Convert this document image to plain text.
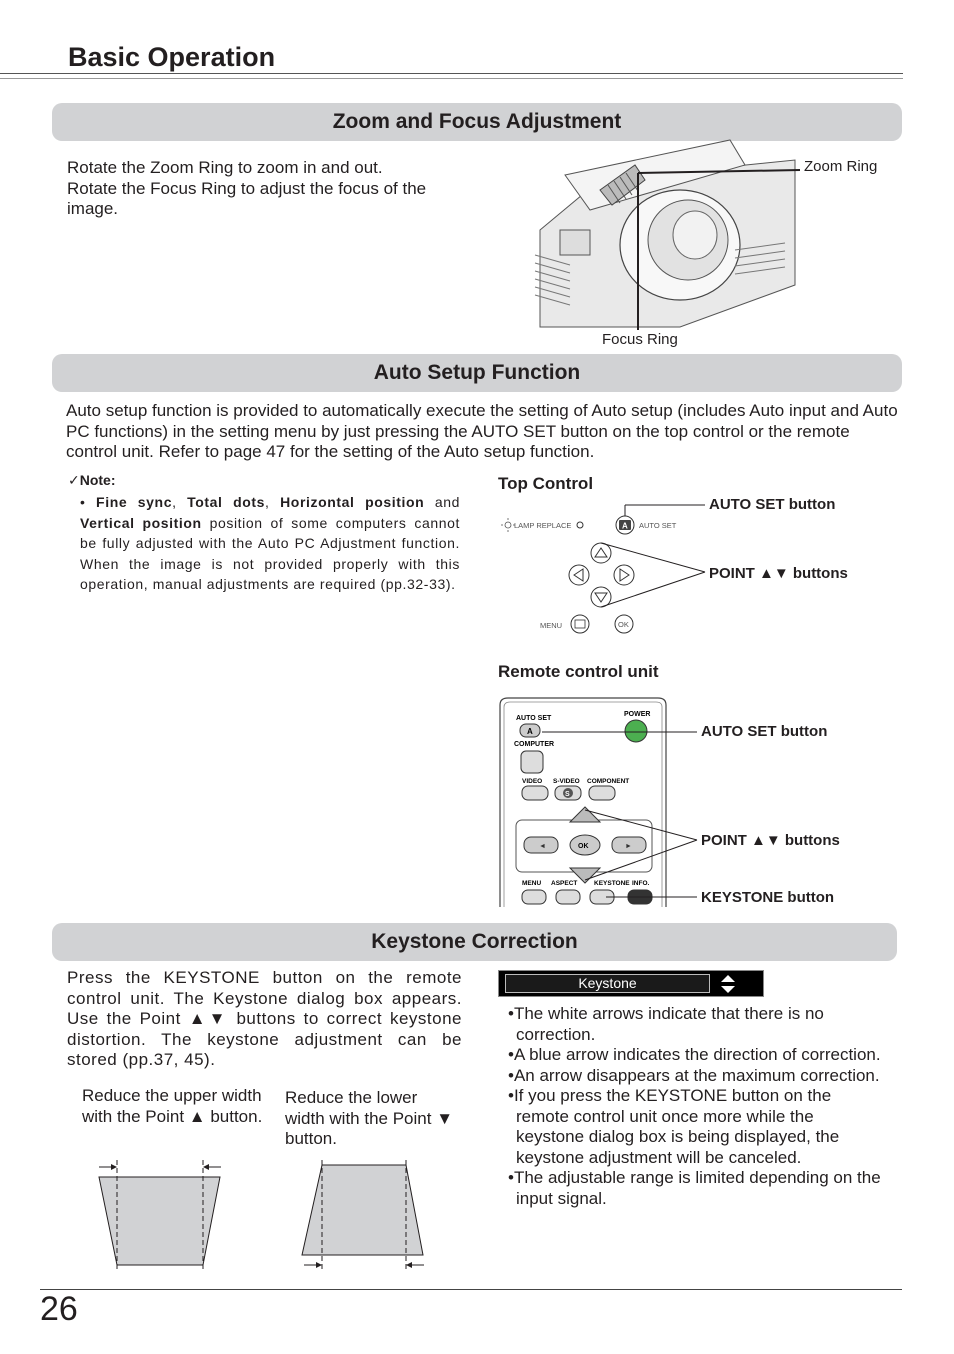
Basic Operation
Zoom and Focus Adjustment
Rotate the Zoom Ring to zoom in and out.
Rotate the Focus Ring to adjust the focus of the image.
Zoom Ring
Focus Ring
Auto Setup Function
Auto setup function is provided to automatically execute the setting of Auto setup (includes Auto input and Auto PC functions) in the setting menu by just pressing the AUTO SET button on the top control or the remote control unit. Refer to page 47 for the setting of the Auto setup function.
✓Note:
• Fine sync, Total dots, Horizontal position and Vertical position position of some computers cannot be fully adjusted with the Auto PC Adjustment function. When the image is not provided properly with this operation, manual adjustments are required (pp.32-33).
Top Control
LAMP REPLACE	A AUTO SET
MENU	OK
AUTO SET button
POINT ▲▼ buttons
Remote control unit
AUTO SET
A
POWER
COMPUTER
VIDEO S-VIDEO COMPONENT
S
◄	►
OK
MENU ASPECT	KEYSTONE INFO.
AUTO SET button
POINT ▲▼ buttons
KEYSTONE button
Keystone Correction
Press the KEYSTONE button on the remote control unit. The Keystone dialog box appears. Use the Point ▲▼ buttons to correct keystone distortion. The keystone adjustment can be stored (pp.37, 45).
Reduce the upper width with the Point ▲ button.
Reduce the lower width with the Point ▼ button.
Keystone
•The white arrows indicate that there is no correction.
•A blue arrow indicates the direction of correction.
•An arrow disappears at the maximum correction.
•If you press the KEYSTONE button on the remote control unit once more while the keystone dialog box is being displayed, the keystone adjustment will be canceled.
•The adjustable range is limited depending on the input signal.
26
